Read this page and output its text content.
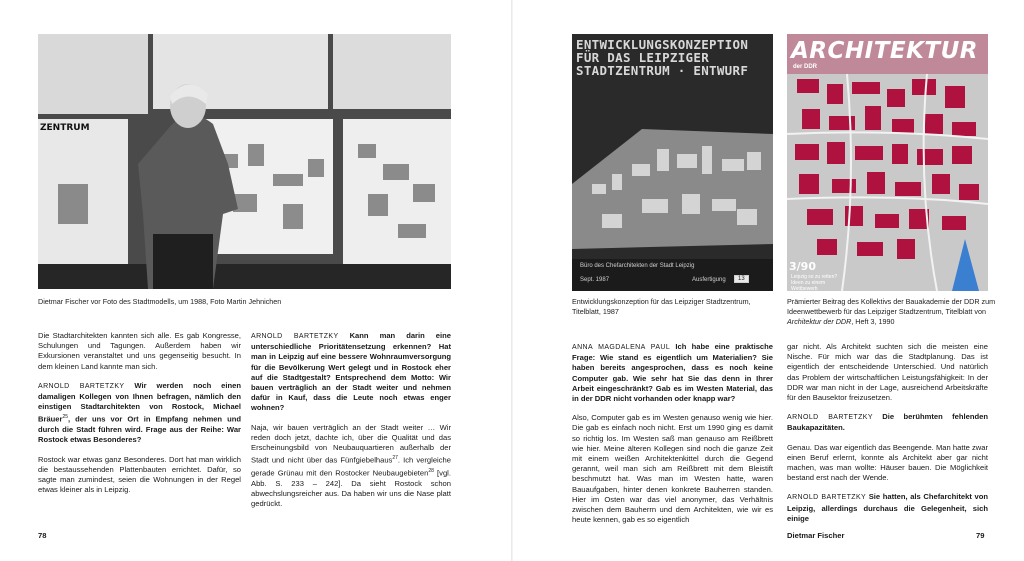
ZENTRUM
Dietmar Fischer vor Foto des Stadtmodells, um 1988, Foto Martin Jehnichen

Die Stadtarchitekten kannten sich alle. Es gab Kongresse, Schulungen und Tagungen. Außerdem haben wir Exkursionen veranstaltet und uns gegenseitig besucht. In dem kleinen Land kannte man sich.

ARNOLD BARTETZKY Wir werden noch einen damaligen Kollegen von Ihnen befragen, nämlich den einstigen Stadtarchitekten von Rostock, Michael Bräuer$^{25}$, der uns vor Ort in Empfang nehmen und durch die Stadt führen wird. Frage aus der Reihe: War Rostock etwas Besonderes?

Rostock war etwas ganz Besonderes. Dort hat man wirklich die bestaussehenden Plattenbauten errichtet. Dafür, so sagte man zumindest, seien die Wohnungen in der Regel etwas kleiner als in Leipzig.

ARNOLD BARTETZKY Kann man darin eine unterschiedliche Prioritätensetzung erkennen? Hat man in Leipzig auf eine bessere Wohnraumversorgung für die Bevölkerung Wert gelegt und in Rostock eher auf die Stadtgestalt? Entsprechend dem Motto: Wir bauen verträglich an der Stadt weiter und nehmen dafür in Kauf, dass die Leute noch etwas enger wohnen?

Naja, wir bauen verträglich an der Stadt weiter … Wir reden doch jetzt, dachte ich, über die Qualität und das Erscheinungsbild von Neubauquartieren außerhalb der Stadt und nicht über das Fünfgiebelhaus$^{27}$. Ich vergleiche gerade Grünau mit den Rostocker Neubaugebieten$^{28}$ [vgl. Abb. S. 233 – 242]. Da sieht Rostock schon abwechslungsreicher aus. Da haben wir uns die Nase platt gedrückt.

78
ENTWICKLUNGSKONZEPTION
FÜR DAS LEIPZIGER
STADTZENTRUM · ENTWURF
Büro des Chefarchitekten der Stadt Leipzig
Sept. 1987	Ausfertigung	13
Entwicklungskonzeption für das Leipziger Stadtzentrum, Titelblatt, 1987
ARCHITEKTUR
der DDR
3/90
Leipzig so zu retten? Ideen zu einem Wettbewerb
Prämierter Beitrag des Kollektivs der Bauakademie der DDR zum Ideenwettbewerb für das Leipziger Stadtzentrum, Titelblatt von Architektur der DDR, Heft 3, 1990

ANNA MAGDALENA PAUL Ich habe eine praktische Frage: Wie stand es eigentlich um Materialien? Sie haben bereits angesprochen, dass es noch keine Computer gab. Wie sehr hat Sie das denn in Ihrer Arbeit eingeschränkt? Gab es im Westen Material, das in der DDR nicht vorhanden oder knapp war?

Also, Computer gab es im Westen genauso wenig wie hier. Die gab es einfach noch nicht. Erst um 1990 ging es damit so richtig los. Im Westen saß man genauso am Reißbrett wie hier. Meine älteren Kollegen sind noch die ganze Zeit mit einem weißen Architektenkittel durch die Gegend gerannt, weil man sich am Reißbrett mit dem Bleistift beschmutzt hat. Was man im Westen hatte, waren Bauaufgaben, hinter denen konkrete Bauherren standen. Hier im Osten war das viel anonymer, das Verhältnis zwischen dem Bauherrn und dem Architekten, wie wir es heute kennen, gab es so eigentlich

gar nicht. Als Architekt suchten sich die meisten eine Nische. Für mich war das die Stadtplanung. Das ist eigentlich der entscheidende Unterschied. Und natürlich das Problem der wirtschaftlichen Leistungsfähigkeit: In der DDR war man nicht in der Lage, ausreichend Arbeitskräfte für den Bausektor freizusetzen.

ARNOLD BARTETZKY Die berühmten fehlenden Baukapazitäten.

Genau. Das war eigentlich das Beengende. Man hatte zwar einen Beruf erlernt, konnte als Architekt aber gar nicht machen, was man wollte: Häuser bauen. Die Möglichkeit bestand erst nach der Wende.

ARNOLD BARTETZKY Sie hatten, als Chefarchitekt von Leipzig, allerdings durchaus die Gelegenheit, sich einige

Dietmar Fischer	79
